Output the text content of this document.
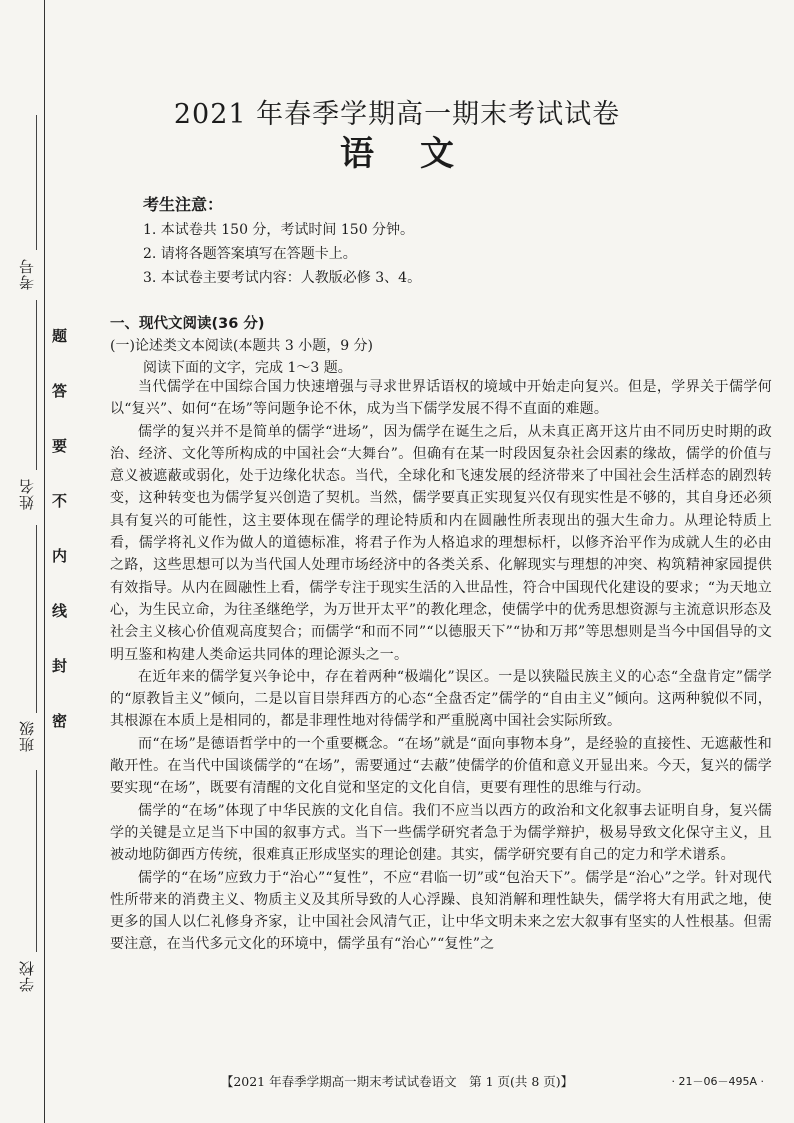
考号
姓名
班级
学校
密
封
线
内
不
要
答
题
2021 年春季学期高一期末考试试卷
语文
考生注意：
1. 本试卷共 150 分，考试时间 150 分钟。
2. 请将各题答案填写在答题卡上。
3. 本试卷主要考试内容：人教版必修 3、4。
一、现代文阅读(36 分)
(一)论述类文本阅读(本题共 3 小题，9 分)
阅读下面的文字，完成 1～3 题。

当代儒学在中国综合国力快速增强与寻求世界话语权的境域中开始走向复兴。但是，学界关于儒学何以“复兴”、如何“在场”等问题争论不休，成为当下儒学发展不得不直面的难题。

儒学的复兴并不是简单的儒学“进场”，因为儒学在诞生之后，从未真正离开这片由不同历史时期的政治、经济、文化等所构成的中国社会“大舞台”。但确有在某一时段因复杂社会因素的缘故，儒学的价值与意义被遮蔽或弱化，处于边缘化状态。当代，全球化和飞速发展的经济带来了中国社会生活样态的剧烈转变，这种转变也为儒学复兴创造了契机。当然，儒学要真正实现复兴仅有现实性是不够的，其自身还必须具有复兴的可能性，这主要体现在儒学的理论特质和内在圆融性所表现出的强大生命力。从理论特质上看，儒学将礼义作为做人的道德标准，将君子作为人格追求的理想标杆，以修齐治平作为成就人生的必由之路，这些思想可以为当代国人处理市场经济中的各类关系、化解现实与理想的冲突、构筑精神家园提供有效指导。从内在圆融性上看，儒学专注于现实生活的入世品性，符合中国现代化建设的要求；“为天地立心，为生民立命，为往圣继绝学，为万世开太平”的教化理念，使儒学中的优秀思想资源与主流意识形态及社会主义核心价值观高度契合；而儒学“和而不同”“以德服天下”“协和万邦”等思想则是当今中国倡导的文明互鉴和构建人类命运共同体的理论源头之一。

在近年来的儒学复兴争论中，存在着两种“极端化”误区。一是以狭隘民族主义的心态“全盘肯定”儒学的“原教旨主义”倾向，二是以盲目崇拜西方的心态“全盘否定”儒学的“自由主义”倾向。这两种貌似不同，其根源在本质上是相同的，都是非理性地对待儒学和严重脱离中国社会实际所致。

而“在场”是德语哲学中的一个重要概念。“在场”就是“面向事物本身”，是经验的直接性、无遮蔽性和敞开性。在当代中国谈儒学的“在场”，需要通过“去蔽”使儒学的价值和意义开显出来。今天，复兴的儒学要实现“在场”，既要有清醒的文化自觉和坚定的文化自信，更要有理性的思维与行动。

儒学的“在场”体现了中华民族的文化自信。我们不应当以西方的政治和文化叙事去证明自身，复兴儒学的关键是立足当下中国的叙事方式。当下一些儒学研究者急于为儒学辩护，极易导致文化保守主义，且被动地防御西方传统，很难真正形成坚实的理论创建。其实，儒学研究要有自己的定力和学术谱系。

儒学的“在场”应致力于“治心”“复性”，不应“君临一切”或“包治天下”。儒学是“治心”之学。针对现代性所带来的消费主义、物质主义及其所导致的人心浮躁、良知消解和理性缺失，儒学将大有用武之地，使更多的国人以仁礼修身齐家，让中国社会风清气正，让中华文明未来之宏大叙事有坚实的人性根基。但需要注意，在当代多元文化的环境中，儒学虽有“治心”“复性”之

【2021 年春季学期高一期末考试试卷语文　第 1 页(共 8 页)】	· 21－06－495A ·
